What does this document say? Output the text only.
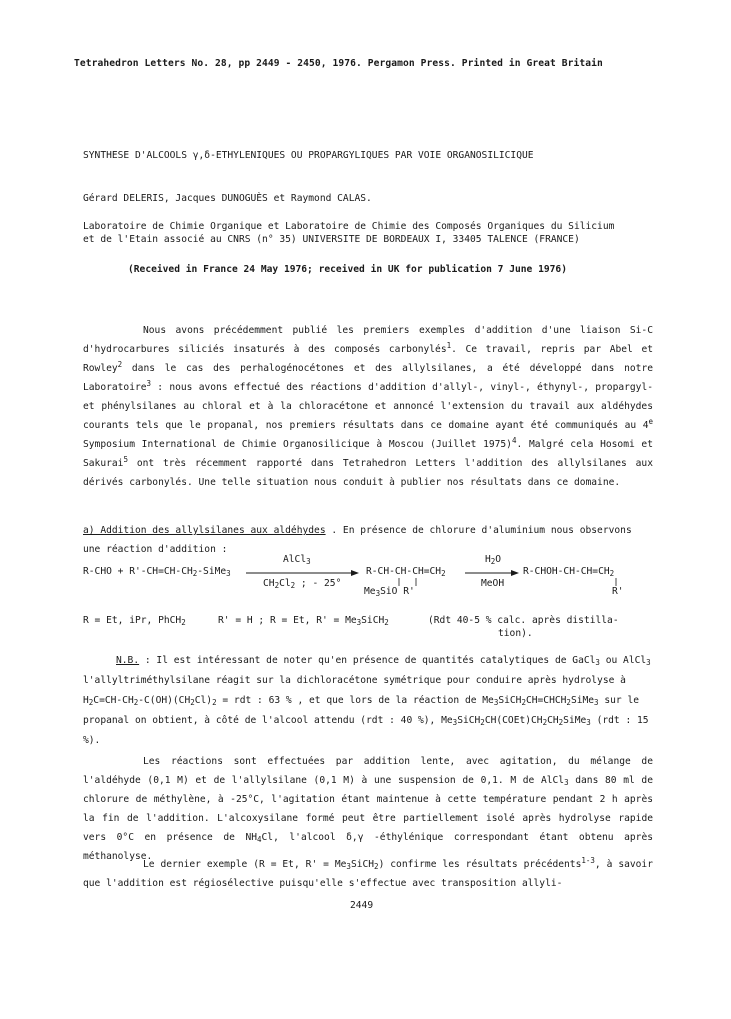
Tetrahedron Letters No. 28, pp 2449 - 2450, 1976. Pergamon Press. Printed in Great Britain
SYNTHESE D'ALCOOLS γ,δ-ETHYLENIQUES OU PROPARGYLIQUES PAR VOIE ORGANOSILICIQUE
Gérard DELERIS, Jacques DUNOGUÈS et Raymond CALAS.
Laboratoire de Chimie Organique et Laboratoire de Chimie des Composés Organiques du Silicium
et de l'Etain associé au CNRS (n° 35) UNIVERSITE DE BORDEAUX I, 33405 TALENCE (FRANCE)
(Received in France 24 May 1976; received in UK for publication 7 June 1976)
Nous avons précédemment publié les premiers exemples d'addition d'une liaison Si-C d'hydrocarbures siliciés insaturés à des composés carbonylés$^1$. Ce travail, repris par Abel et Rowley$^2$ dans le cas des perhalogénocétones et des allylsilanes, a été développé dans notre Laboratoire$^3$ : nous avons effectué des réactions d'addition d'allyl-, vinyl-, éthynyl-, propargyl- et phénylsilanes au chloral et à la chloracétone et annoncé l'extension du travail aux aldéhydes courants tels que le propanal, nos premiers résultats dans ce domaine ayant été communiqués au 4e Symposium International de Chimie Organosilicique à Moscou (Juillet 1975)$^4$. Malgré cela Hosomi et Sakurai$^5$ ont très récemment rapporté dans Tetrahedron Letters l'addition des allylsilanes aux dérivés carbonylés. Une telle situation nous conduit à publier nos résultats dans ce domaine.
a) Addition des allylsilanes aux aldéhydes . En présence de chlorure d'aluminium nous observons une réaction d'addition :
$R-CHO + R'-CH=CH-CH_2-SiMe_3$
AlCl$_3$
$CH_2Cl_2$ ; - 25°
$R-CH-CH-CH=CH_2$
$Me_3SiO$ R'
$H_2O$
MeOH
$R-CHOH-CH-CH=CH_2$
R'
R = Et, iPr, PhCH$_2$	R' = H ; R = Et, $R' = Me_3SiCH_2$	(Rdt 40-5 % calc. après distilla-
tion).
N.B. : Il est intéressant de noter qu'en présence de quantités catalytiques de GaCl$_3$ ou AlCl$_3$ l'allyltriméthylsilane réagit sur la dichloracétone symétrique pour conduire après hydrolyse à $H_2C=CH-CH_2-C(OH)(CH_2Cl)_2$ = rdt : 63 % , et que lors de la réaction de $Me_3SiCH_2CH=CHCH_2SiMe_3$ sur le propanal on obtient, à côté de l'alcool attendu (rdt : 40 %), $Me_3SiCH_2CH(COEt)CH_2CH_2SiMe_3$ (rdt : 15 %).
Les réactions sont effectuées par addition lente, avec agitation, du mélange de l'aldéhyde (0,1 M) et de l'allylsilane (0,1 M) à une suspension de 0,1. M de AlCl$_3$ dans 80 ml de chlorure de méthylène, à -25°C, l'agitation étant maintenue à cette température pendant 2 h après la fin de l'addition. L'alcoxysilane formé peut être partiellement isolé après hydrolyse rapide vers 0°C en présence de $NH_4Cl$, l'alcool δ,γ -éthylénique correspondant étant obtenu après méthanolyse.
Le dernier exemple (R = Et, $R' = Me_3SiCH_2$) confirme les résultats précédents$^{1-3}$, à savoir que l'addition est régiosélective puisqu'elle s'effectue avec transposition allyli-
2449
